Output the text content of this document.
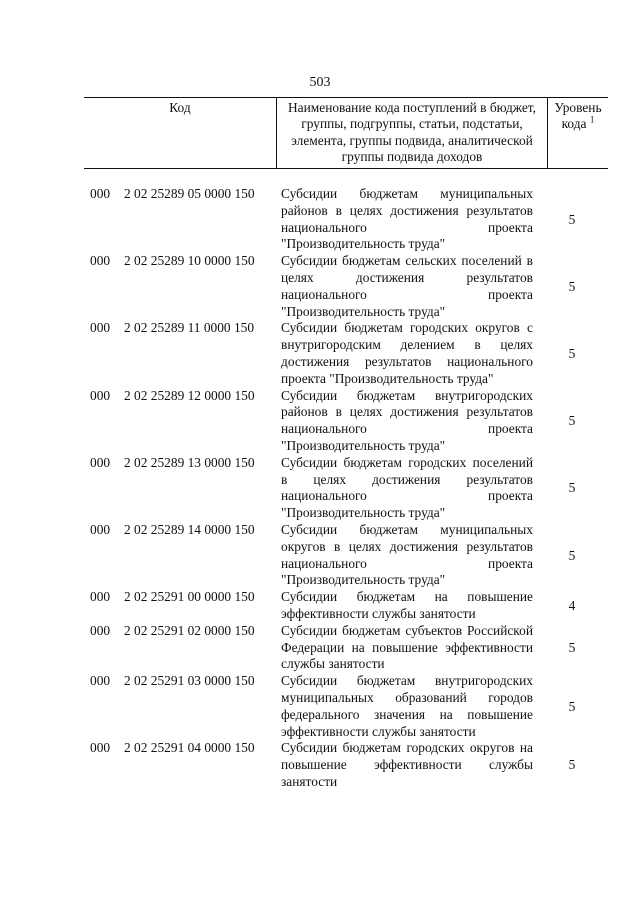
503
Код	Наименование кода поступлений в бюджет, группы, подгруппы, статьи, подстатьи, элемента, группы подвида, аналитической группы подвида доходов
Уровень кода $^1$
000 2 02 25289 05 0000 150 Субсидии бюджетам муниципальных районов в целях достижения результатов национального проекта "Производительность труда"
5
000 2 02 25289 10 0000 150 Субсидии бюджетам сельских поселений в целях достижения результатов национального проекта "Производительность труда"
5
000 2 02 25289 11 0000 150 Субсидии бюджетам городских округов с внутригородским делением в целях достижения результатов национального проекта "Производительность труда"
5
000 2 02 25289 12 0000 150 Субсидии бюджетам внутригородских районов в целях достижения результатов национального проекта "Производительность труда"
5
000 2 02 25289 13 0000 150 Субсидии бюджетам городских поселений в целях достижения результатов национального проекта "Производительность труда"
5
000 2 02 25289 14 0000 150 Субсидии бюджетам муниципальных округов в целях достижения результатов национального проекта "Производительность труда"
5
000 2 02 25291 00 0000 150 Субсидии бюджетам на повышение эффективности службы занятости
4
000 2 02 25291 02 0000 150 Субсидии бюджетам субъектов Российской Федерации на повышение эффективности службы занятости
5
000 2 02 25291 03 0000 150 Субсидии бюджетам внутригородских муниципальных образований городов федерального значения на повышение эффективности службы занятости
5
000 2 02 25291 04 0000 150 Субсидии бюджетам городских округов на повышение эффективности службы занятости
5
